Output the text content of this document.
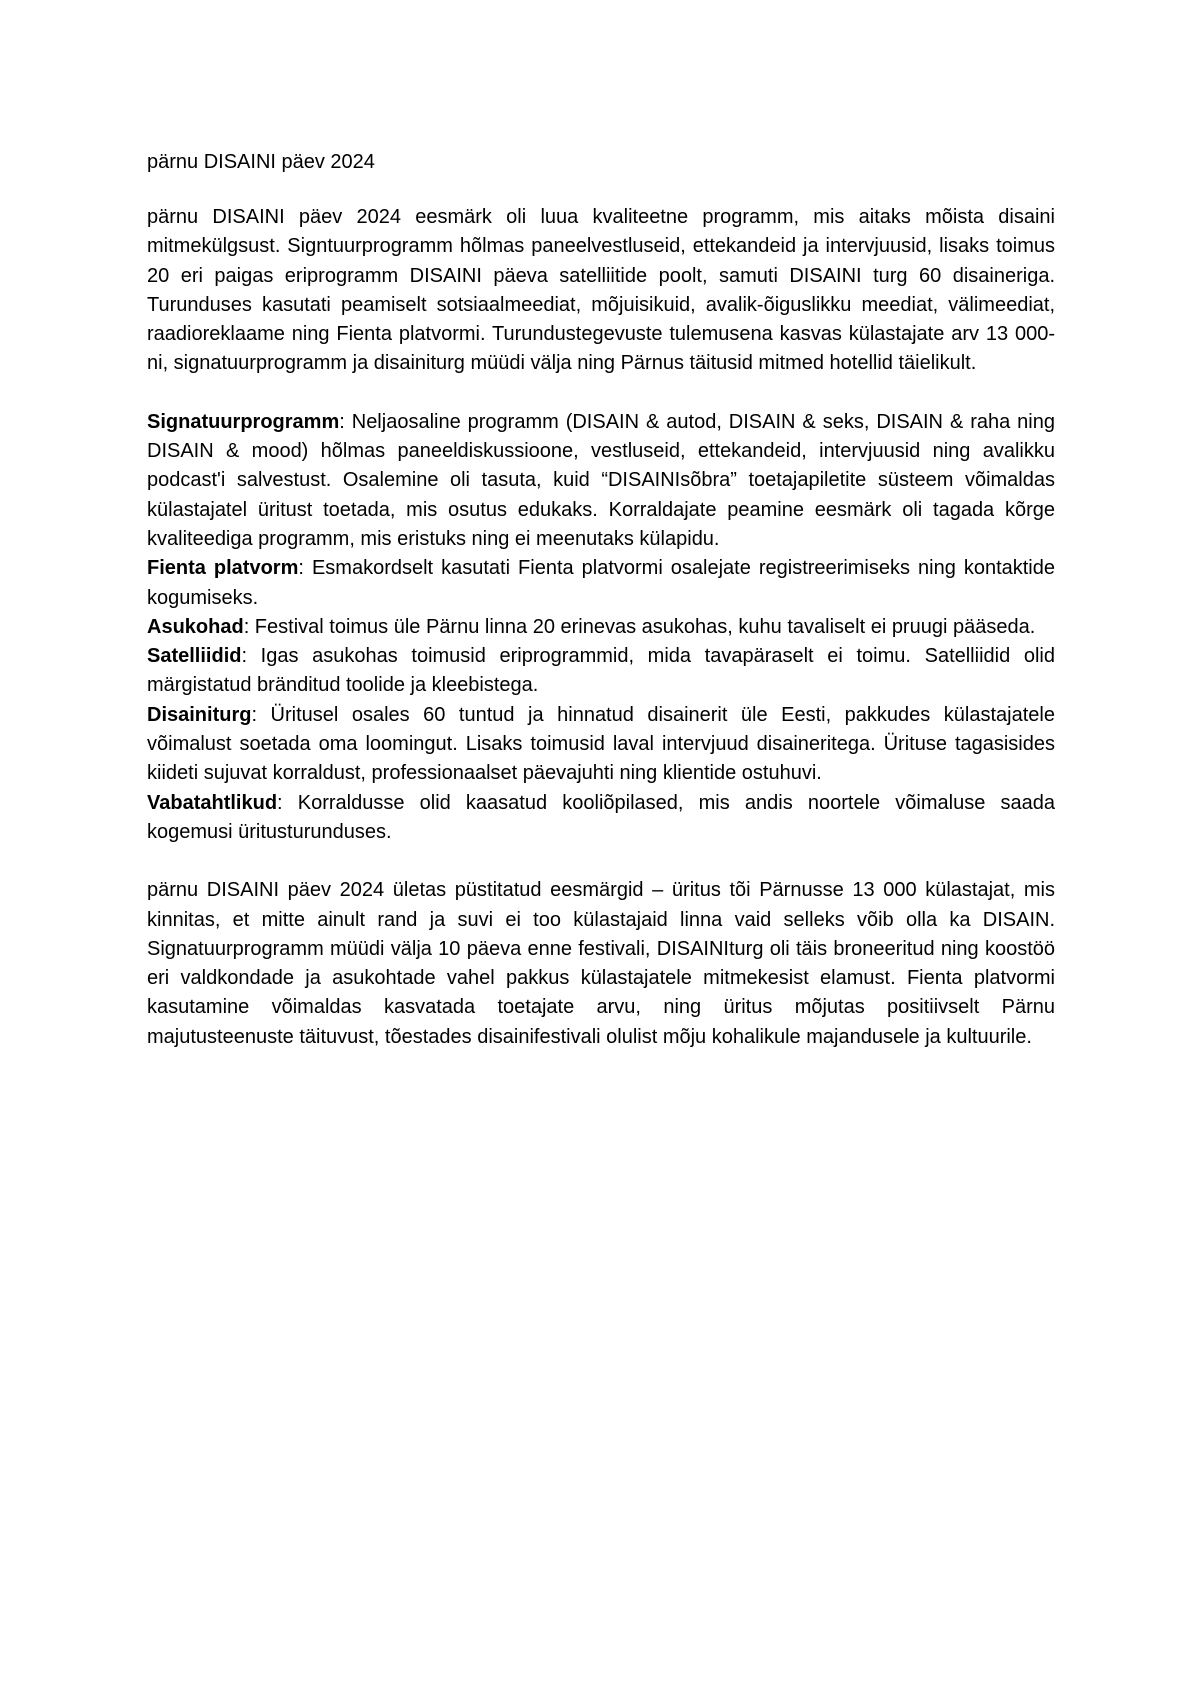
pärnu DISAINI päev 2024

pärnu DISAINI päev 2024 eesmärk oli luua kvaliteetne programm, mis aitaks mõista disaini mitmekülgsust. Signtuurprogramm hõlmas paneelvestluseid, ettekandeid ja intervjuusid, lisaks toimus 20 eri paigas eriprogramm DISAINI päeva satelliitide poolt, samuti DISAINI turg 60 disaineriga. Turunduses kasutati peamiselt sotsiaalmeediat, mõjuisikuid, avalik-õiguslikku meediat, välimeediat, raadioreklaame ning Fienta platvormi. Turundustegevuste tulemusena kasvas külastajate arv 13 000-ni, signatuurprogramm ja disainiturg müüdi välja ning Pärnus täitusid mitmed hotellid täielikult.

Signatuurprogramm: Neljaosaline programm (DISAIN & autod, DISAIN & seks, DISAIN & raha ning DISAIN & mood) hõlmas paneeldiskussioone, vestluseid, ettekandeid, intervjuusid ning avalikku podcast'i salvestust. Osalemine oli tasuta, kuid “DISAINIsõbra” toetajapiletite süsteem võimaldas külastajatel üritust toetada, mis osutus edukaks. Korraldajate peamine eesmärk oli tagada kõrge kvaliteediga programm, mis eristuks ning ei meenutaks külapidu.

Fienta platvorm: Esmakordselt kasutati Fienta platvormi osalejate registreerimiseks ning kontaktide kogumiseks.

Asukohad: Festival toimus üle Pärnu linna 20 erinevas asukohas, kuhu tavaliselt ei pruugi pääseda.

Satelliidid: Igas asukohas toimusid eriprogrammid, mida tavapäraselt ei toimu. Satelliidid olid märgistatud bränditud toolide ja kleebistega.

Disainiturg: Üritusel osales 60 tuntud ja hinnatud disainerit üle Eesti, pakkudes külastajatele võimalust soetada oma loomingut. Lisaks toimusid laval intervjuud disaineritega. Ürituse tagasisides kiideti sujuvat korraldust, professionaalset päevajuhti ning klientide ostuhuvi.

Vabatahtlikud: Korraldusse olid kaasatud kooliõpilased, mis andis noortele võimaluse saada kogemusi üritusturunduses.

pärnu DISAINI päev 2024 ületas püstitatud eesmärgid – üritus tõi Pärnusse 13 000 külastajat, mis kinnitas, et mitte ainult rand ja suvi ei too külastajaid linna vaid selleks võib olla ka DISAIN. Signatuurprogramm müüdi välja 10 päeva enne festivali, DISAINIturg oli täis broneeritud ning koostöö eri valdkondade ja asukohtade vahel pakkus külastajatele mitmekesist elamust. Fienta platvormi kasutamine võimaldas kasvatada toetajate arvu, ning üritus mõjutas positiivselt Pärnu majutusteenuste täituvust, tõestades disainifestivali olulist mõju kohalikule majandusele ja kultuurile.
